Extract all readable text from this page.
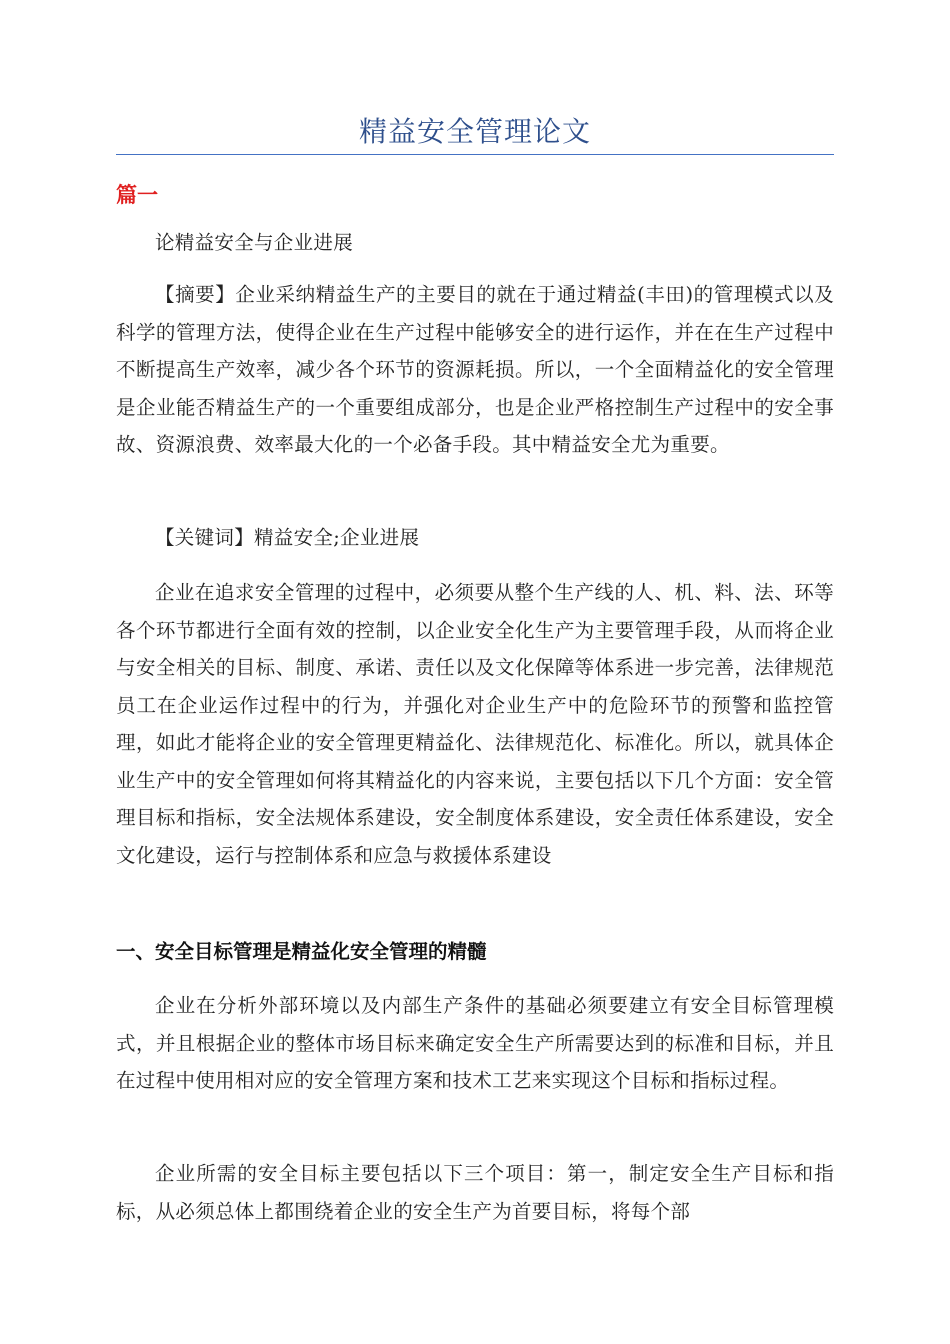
精益安全管理论文
篇一

论精益安全与企业进展

【摘要】企业采纳精益生产的主要目的就在于通过精益(丰田)的管理模式以及科学的管理方法，使得企业在生产过程中能够安全的进行运作，并在在生产过程中不断提高生产效率，减少各个环节的资源耗损。所以，一个全面精益化的安全管理是企业能否精益生产的一个重要组成部分，也是企业严格控制生产过程中的安全事故、资源浪费、效率最大化的一个必备手段。其中精益安全尤为重要。

【关键词】精益安全;企业进展

企业在追求安全管理的过程中，必须要从整个生产线的人、机、料、法、环等各个环节都进行全面有效的控制，以企业安全化生产为主要管理手段，从而将企业与安全相关的目标、制度、承诺、责任以及文化保障等体系进一步完善，法律规范员工在企业运作过程中的行为，并强化对企业生产中的危险环节的预警和监控管理，如此才能将企业的安全管理更精益化、法律规范化、标准化。所以，就具体企业生产中的安全管理如何将其精益化的内容来说，主要包括以下几个方面：安全管理目标和指标，安全法规体系建设，安全制度体系建设，安全责任体系建设，安全文化建设，运行与控制体系和应急与救援体系建设

一、安全目标管理是精益化安全管理的精髓

企业在分析外部环境以及内部生产条件的基础必须要建立有安全目标管理模式，并且根据企业的整体市场目标来确定安全生产所需要达到的标准和目标，并且在过程中使用相对应的安全管理方案和技术工艺来实现这个目标和指标过程。

企业所需的安全目标主要包括以下三个项目：第一，制定安全生产目标和指标，从必须总体上都围绕着企业的安全生产为首要目标，将每个部
